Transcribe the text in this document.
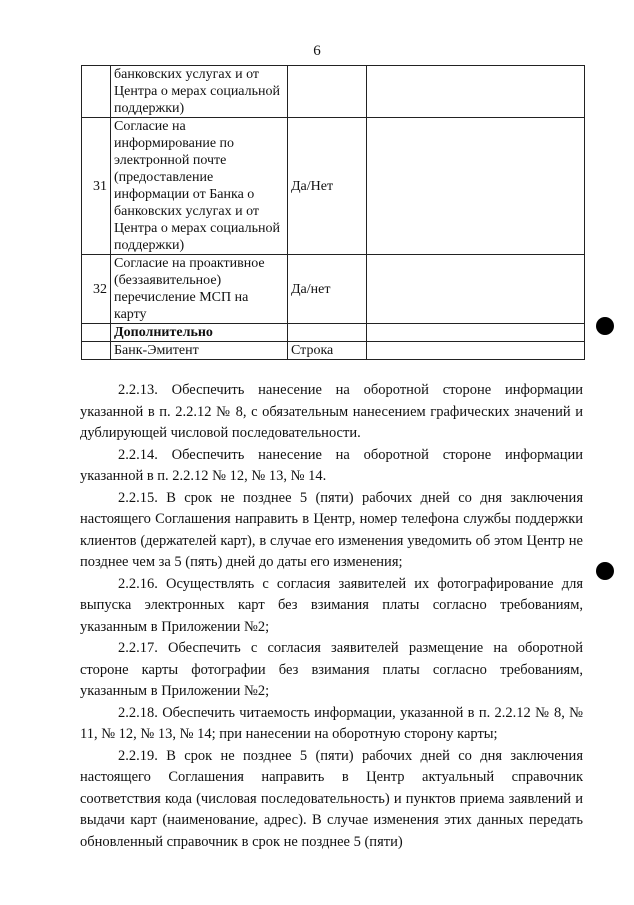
6
	банковских услугах и от Центра о мерах социальной поддержки)		
31	Согласие на информирование по электронной почте (предоставление информации от Банка о банковских услугах и от Центра о мерах социальной поддержки)	Да/Нет	
32	Согласие на проактивное (беззаявительное) перечисление МСП на карту	Да/нет	
	Дополнительно		
	Банк-Эмитент	Строка	

2.2.13. Обеспечить нанесение на оборотной стороне информации указанной в п. 2.2.12 № 8, с обязательным нанесением графических значений и дублирующей числовой последовательности.

2.2.14. Обеспечить нанесение на оборотной стороне информации указанной в п. 2.2.12 № 12, № 13, № 14.

2.2.15. В срок не позднее 5 (пяти) рабочих дней со дня заключения настоящего Соглашения направить в Центр, номер телефона службы поддержки клиентов (держателей карт), в случае его изменения уведомить об этом Центр не позднее чем за 5 (пять) дней до даты его изменения;

2.2.16. Осуществлять с согласия заявителей их фотографирование для выпуска электронных карт без взимания платы согласно требованиям, указанным в Приложении №2;

2.2.17. Обеспечить с согласия заявителей размещение на оборотной стороне карты фотографии без взимания платы согласно требованиям, указанным в Приложении №2;

2.2.18. Обеспечить читаемость информации, указанной в п. 2.2.12 № 8, № 11, № 12, № 13, № 14; при нанесении на оборотную сторону карты;

2.2.19. В срок не позднее 5 (пяти) рабочих дней со дня заключения настоящего Соглашения направить в Центр актуальный справочник соответствия кода (числовая последовательность) и пунктов приема заявлений и выдачи карт (наименование, адрес). В случае изменения этих данных передать обновленный справочник в срок не позднее 5 (пяти)
